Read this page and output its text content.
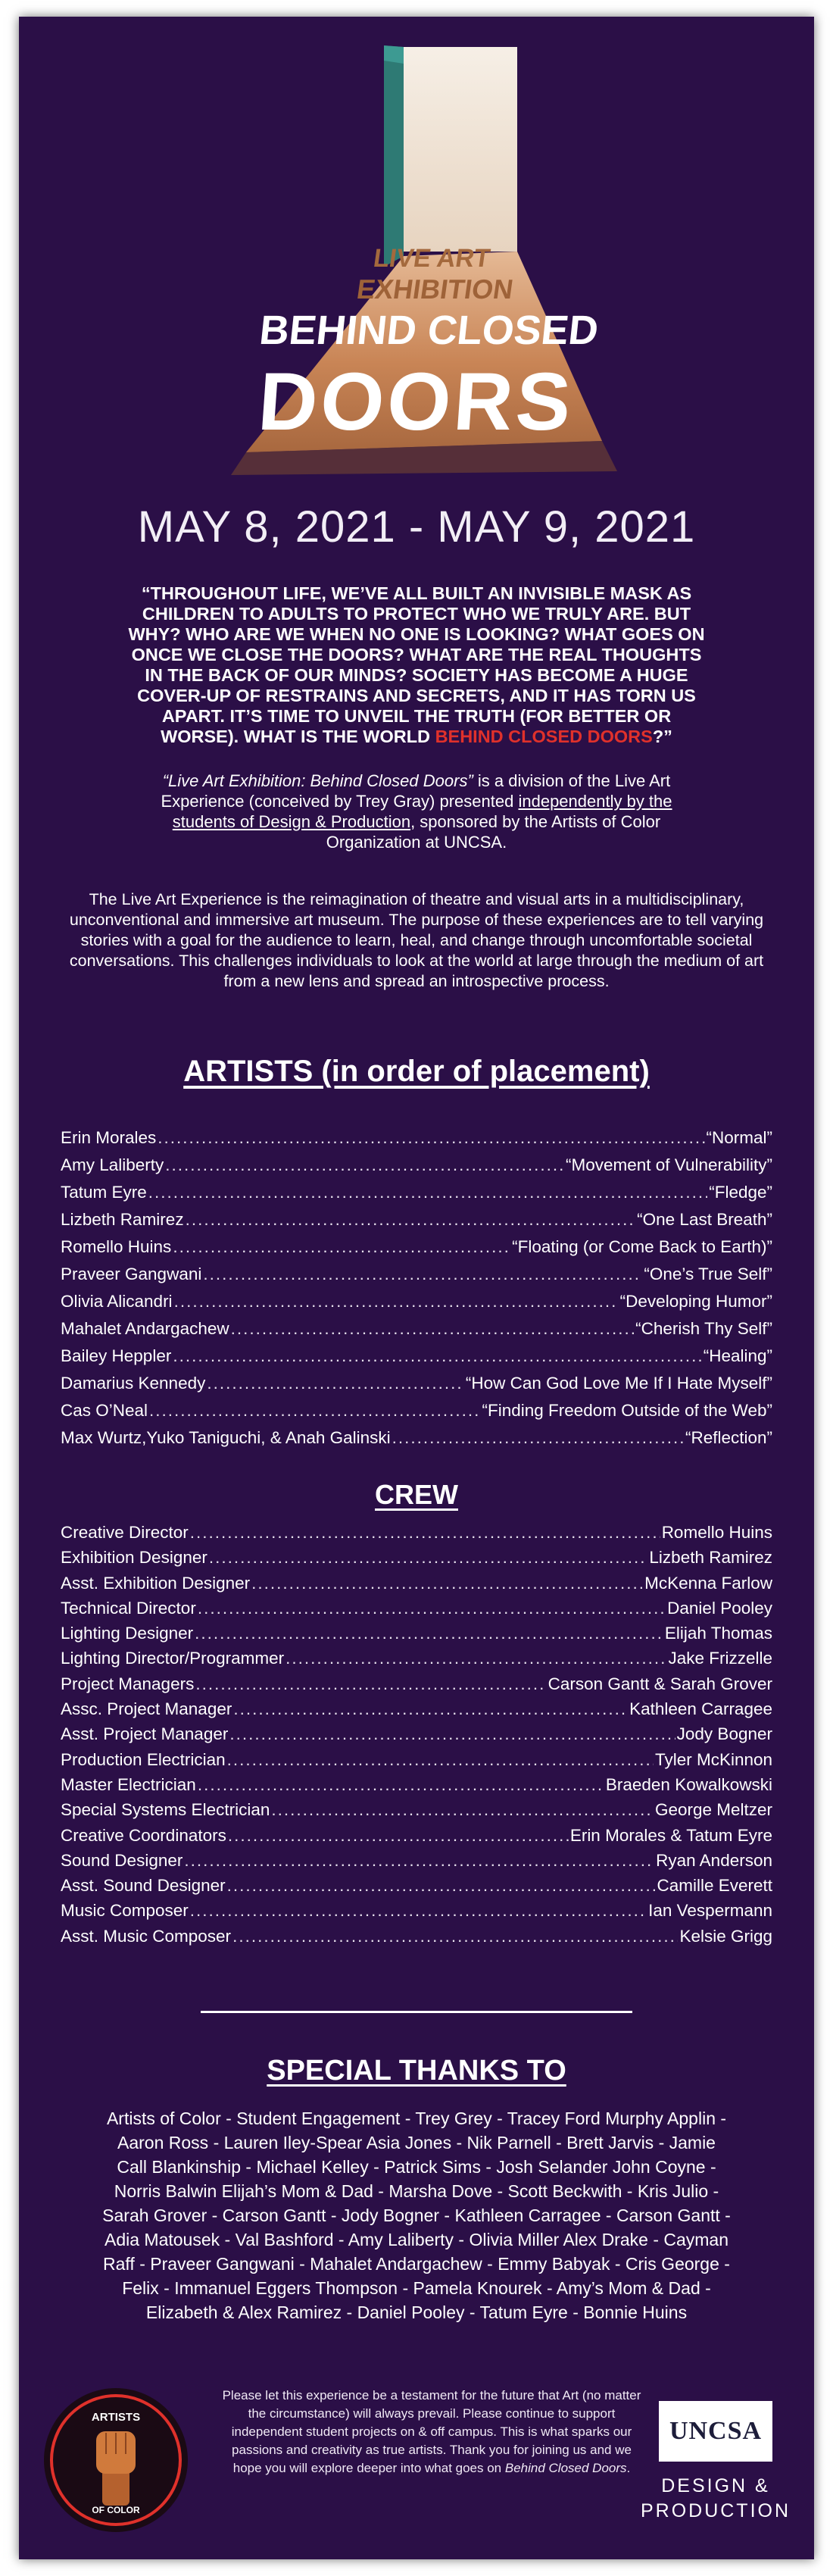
LIVE ART
EXHIBITION
BEHIND CLOSED
DOORS
MAY 8, 2021 - MAY 9, 2021
“THROUGHOUT LIFE, WE’VE ALL BUILT AN INVISIBLE MASK AS CHILDREN TO ADULTS TO PROTECT WHO WE TRULY ARE. BUT WHY? WHO ARE WE WHEN NO ONE IS LOOKING? WHAT GOES ON ONCE WE CLOSE THE DOORS? WHAT ARE THE REAL THOUGHTS IN THE BACK OF OUR MINDS? SOCIETY HAS BECOME A HUGE COVER-UP OF RESTRAINS AND SECRETS, AND IT HAS TORN US APART. IT’S TIME TO UNVEIL THE TRUTH (FOR BETTER OR WORSE). WHAT IS THE WORLD BEHIND CLOSED DOORS?”
“Live Art Exhibition: Behind Closed Doors” is a division of the Live Art Experience (conceived by Trey Gray) presented independently by the students of Design & Production, sponsored by the Artists of Color Organization at UNCSA.
The Live Art Experience is the reimagination of theatre and visual arts in a multidisciplinary, unconventional and immersive art museum. The purpose of these experiences are to tell varying stories with a goal for the audience to learn, heal, and change through uncomfortable societal conversations. This challenges individuals to look at the world at large through the medium of art from a new lens and spread an introspective process.
ARTISTS (in order of placement)
Erin Morales .....	“Normal”
Amy Laliberty .....	“Movement of Vulnerability”
Tatum Eyre .....	“Fledge”
Lizbeth Ramirez .....	“One Last Breath”
Romello Huins .....	“Floating (or Come Back to Earth)”
Praveer Gangwani .....	“One’s True Self”
Olivia Alicandri .....	“Developing Humor”
Mahalet Andargachew .....	“Cherish Thy Self”
Bailey Heppler .....	“Healing”
Damarius Kennedy .....	“How Can God Love Me If I Hate Myself”
Cas O’Neal .....	“Finding Freedom Outside of the Web”
Max Wurtz,Yuko Taniguchi, & Anah Galinski .....	“Reflection”
CREW
Creative Director .....	Romello Huins
Exhibition Designer .....	Lizbeth Ramirez
Asst. Exhibition Designer .....	McKenna Farlow
Technical Director .....	Daniel Pooley
Lighting Designer .....	Elijah Thomas
Lighting Director/Programmer .....	Jake Frizzelle
Project Managers .....	Carson Gantt & Sarah Grover
Assc. Project Manager .....	Kathleen Carragee
Asst. Project Manager .....	Jody Bogner
Production Electrician .....	Tyler McKinnon
Master Electrician .....	Braeden Kowalkowski
Special Systems Electrician .....	George Meltzer
Creative Coordinators .....	Erin Morales & Tatum Eyre
Sound Designer .....	Ryan Anderson
Asst. Sound Designer .....	Camille Everett
Music Composer .....	Ian Vespermann
Asst. Music Composer .....	Kelsie Grigg
SPECIAL THANKS TO
Artists of Color - Student Engagement - Trey Grey - Tracey Ford Murphy Applin - Aaron Ross - Lauren Iley-Spear Asia Jones - Nik Parnell - Brett Jarvis - Jamie Call Blankinship - Michael Kelley - Patrick Sims - Josh Selander John Coyne - Norris Balwin Elijah’s Mom & Dad - Marsha Dove - Scott Beckwith - Kris Julio - Sarah Grover - Carson Gantt - Jody Bogner - Kathleen Carragee - Carson Gantt - Adia Matousek - Val Bashford - Amy Laliberty - Olivia Miller Alex Drake - Cayman Raff - Praveer Gangwani - Mahalet Andargachew - Emmy Babyak - Cris George - Felix - Immanuel Eggers Thompson - Pamela Knourek - Amy’s Mom & Dad - Elizabeth & Alex Ramirez - Daniel Pooley - Tatum Eyre - Bonnie Huins
ARTISTS
OF COLOR
Please let this experience be a testament for the future that Art (no matter the circumstance) will always prevail. Please continue to support independent student projects on & off campus. This is what sparks our passions and creativity as true artists. Thank you for joining us and we hope you will explore deeper into what goes on Behind Closed Doors.
UNCSA
DESIGN &
PRODUCTION
